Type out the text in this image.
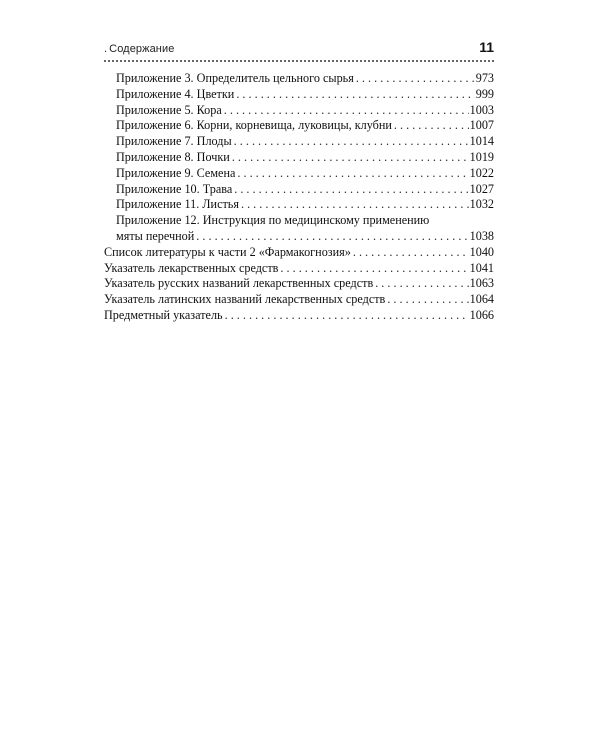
. Содержание	11
Приложение 3. Определитель цельного сырья . . .	973
Приложение 4. Цветки . . .	999
Приложение 5. Кора . . .	1003
Приложение 6. Корни, корневища, луковицы, клубни . . .	1007
Приложение 7. Плоды . . .	1014
Приложение 8. Почки . . .	1019
Приложение 9. Семена . . .	1022
Приложение 10. Трава . . .	1027
Приложение 11. Листья . . .	1032
Приложение 12. Инструкция по медицинскому применению
мяты перечной . . .	1038
Список литературы к части 2 «Фармакогнозия» . . .	1040
Указатель лекарственных средств . . .	1041
Указатель русских названий лекарственных средств . . .	1063
Указатель латинских названий лекарственных средств . . .	1064
Предметный указатель . . .	1066
